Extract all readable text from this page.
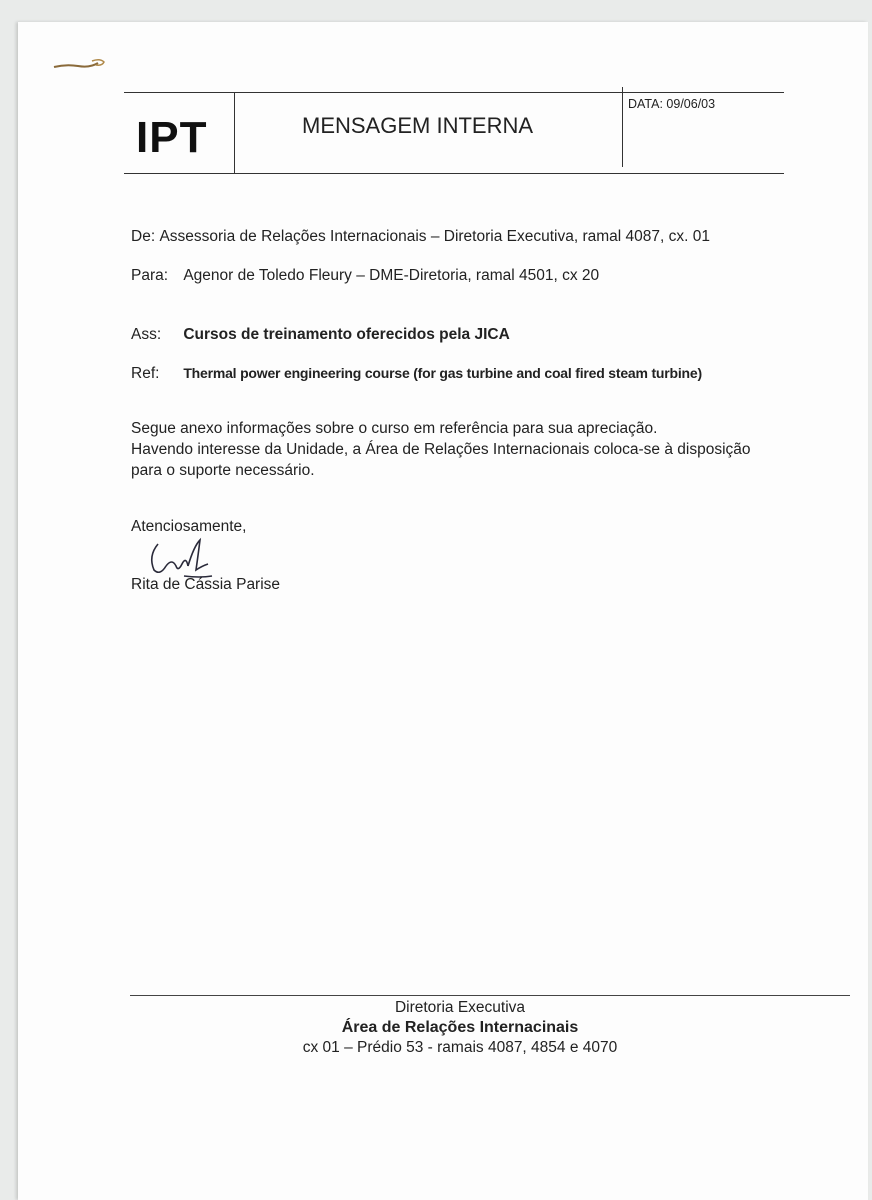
IPT	MENSAGEM INTERNA
DATA: 09/06/03
De: Assessoria de Relações Internacionais – Diretoria Executiva, ramal 4087, cx. 01
Para: Agenor de Toledo Fleury – DME-Diretoria, ramal 4501, cx 20
Ass: Cursos de treinamento oferecidos pela JICA
Ref: Thermal power engineering course (for gas turbine and coal fired steam turbine)
Segue anexo informações sobre o curso em referência para sua apreciação.
Havendo interesse da Unidade, a Área de Relações Internacionais coloca-se à disposição
para o suporte necessário.
Atenciosamente,
Rita de Cássia Parise
Diretoria Executiva
Área de Relações Internacinais
cx 01 – Prédio 53 - ramais 4087, 4854 e 4070
